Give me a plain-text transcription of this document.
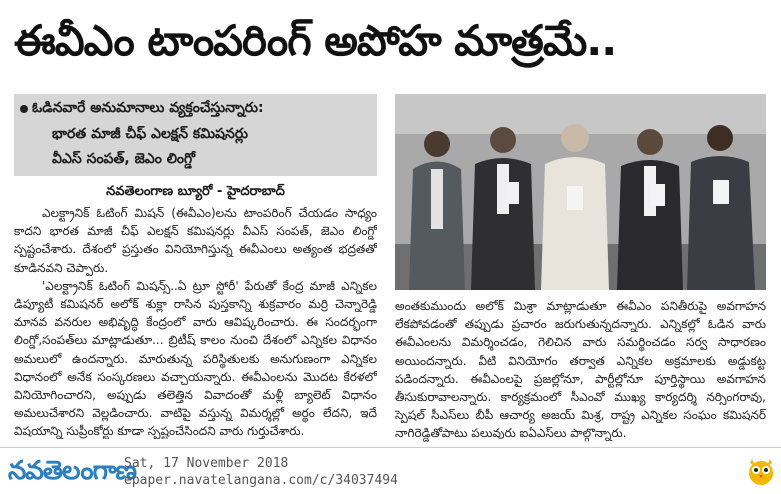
ఈవీఎం టాంపరింగ్ అపోహ మాత్రమే..
ఓడినవారే అనుమానాలు వ్యక్తంచేస్తున్నారు:
భారత మాజీ చీఫ్ ఎలక్షన్ కమిషనర్లు
వీఎస్ సంపత్, జెఎం లింగ్డో
నవతెలంగాణ బ్యూరో - హైదరాబాద్

ఎలక్ట్రానిక్ ఓటింగ్ మిషన్ (ఈవీఎం)లను టాంపరింగ్ చేయడం సాధ్యం కాదని భారత మాజీ చీఫ్ ఎలక్షన్ కమిషనర్లు వీఎస్ సంపత్, జెఎం లింగ్డో స్పష్టంచేశారు. దేశంలో ప్రస్తుతం వినియోగిస్తున్న ఈవీఎంలు అత్యంత భద్రతతో కూడినవని చెప్పారు.

'ఎలక్ట్రానిక్ ఓటింగ్ మిషన్స్..ఏ ట్రూ స్టోరీ' పేరుతో కేంద్ర మాజీ ఎన్నికల డిప్యూటీ కమిషనర్ అలోక్ శుక్లా రాసిన పుస్తకాన్ని శుక్రవారం మర్రి చెన్నారెడ్డి మానవ వనరుల అభివృద్ధి కేంద్రంలో వారు ఆవిష్కరించారు. ఈ సందర్భంగా లింగ్డో,సంపత్‌లు మాట్లాడుతూ... బ్రిటీష్ కాలం నుంచి దేశంలో ఎన్నికల విధానం అమలులో ఉందన్నారు. మారుతున్న పరిస్థితులకు అనుగుణంగా ఎన్నికల విధానంలో అనేక సంస్కరణలు వచ్చాయన్నారు. ఈవీఎంలను మొదట కేరళలో వినియోగించారని, అప్పుడు తలెత్తిన వివాదంతో మళ్లీ బ్యాలెట్ విధానం అమలుచేశారని వెల్లడించారు. వాటిపై వస్తున్న విమర్శల్లో అర్థం లేదని, ఇదే విషయాన్ని సుప్రీంకోర్టు కూడా స్పష్టంచేసిందని వారు గుర్తుచేశారు.

అంతకుముందు అలోక్ మిశ్రా మాట్లాడుతూ ఈవీఎం పనితీరుపై అవగాహన లేకపోవడంతో తప్పుడు ప్రచారం జరుగుతున్నదన్నారు. ఎన్నికల్లో ఓడిన వారు ఈవీఎంలను విమర్శించడం, గెలిచిన వారు సమర్థించడం సర్వ సాధారణం అయిందన్నారు. వీటి వినియోగం తర్వాత ఎన్నికల అక్రమాలకు అడ్డుకట్ట పడిందన్నారు. ఈవీఎంలపై ప్రజల్లోనూ, పార్టీల్లోనూ పూర్తిస్థాయి అవగాహన తీసుకురావాలన్నారు. కార్యక్రమంలో సీఎంవో ముఖ్య కార్యదర్శి నర్సింగరావు, స్పెషల్ సీఎస్‌లు బీపీ ఆచార్య అజయ్ మిశ్ర, రాష్ట్ర ఎన్నికల సంఘం కమిషనర్ నాగిరెడ్డితోపాటు పలువురు ఐఏఎస్‌లు పాల్గొన్నారు.

నవతెలంగాణ
Sat, 17 November 2018
epaper.navatelangana.com/c/34037494
